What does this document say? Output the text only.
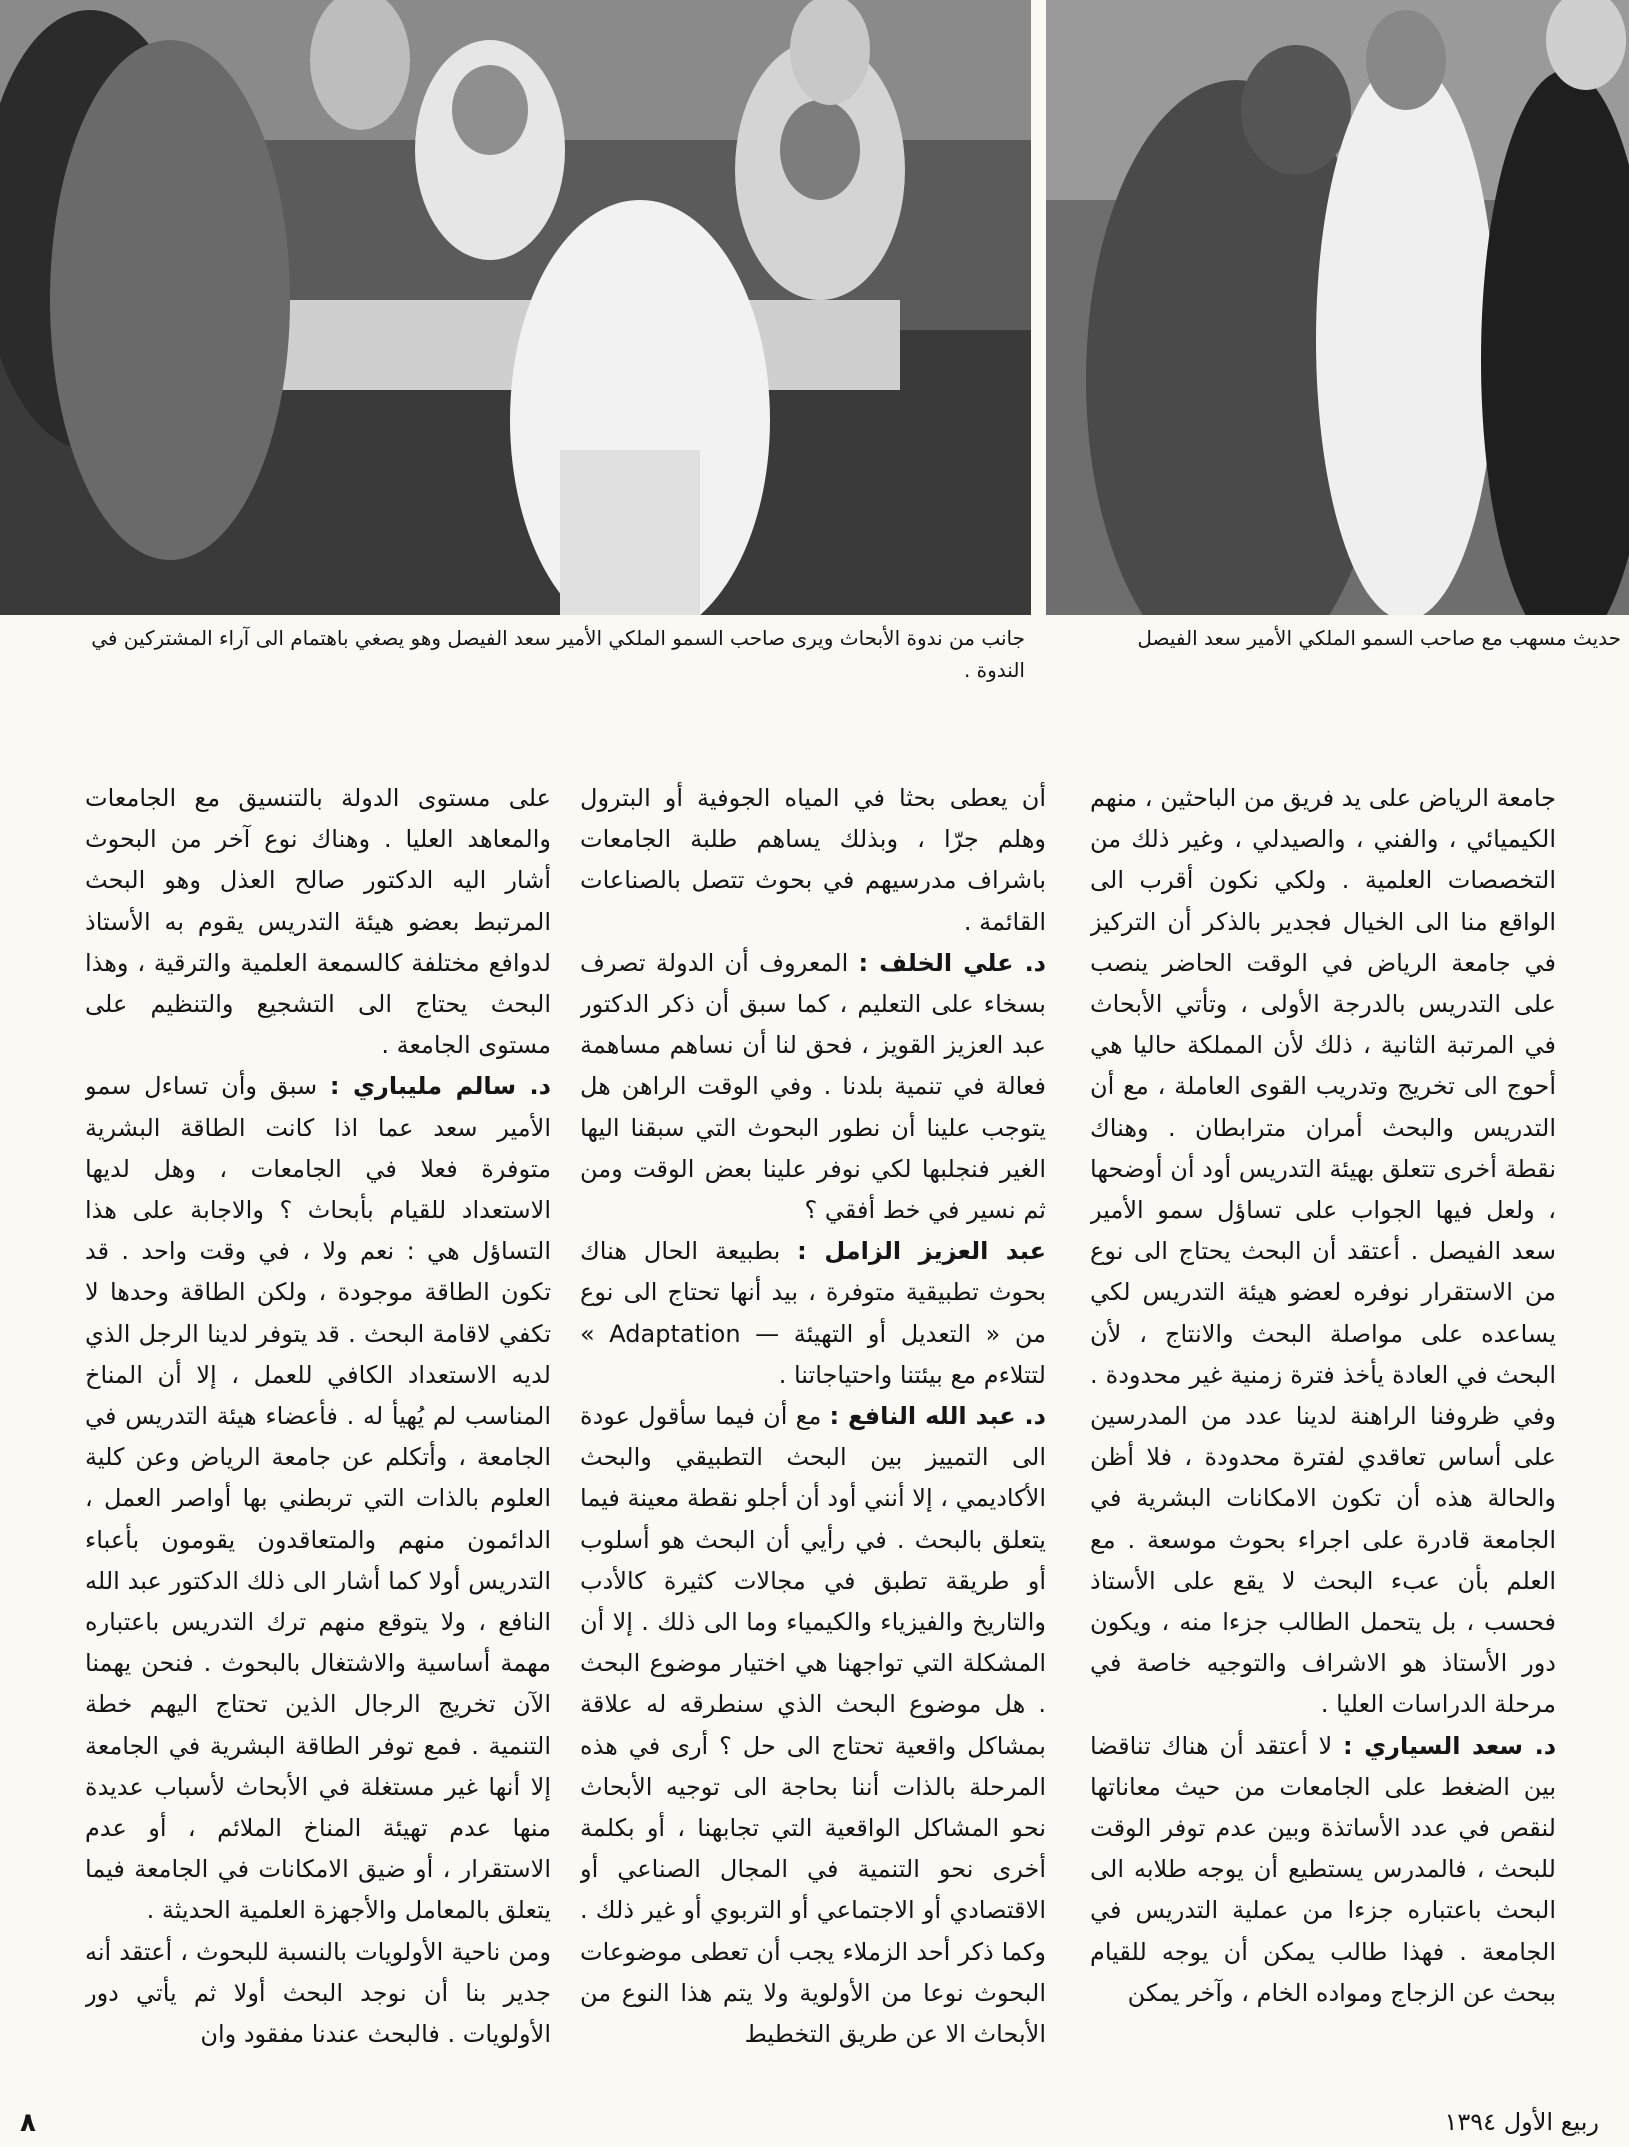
جانب من ندوة الأبحاث ويرى صاحب السمو الملكي الأمير سعد الفيصل وهو يصغي باهتمام الى آراء المشتركين في الندوة .
حديث مسهب مع صاحب السمو الملكي الأمير سعد الفيصل

جامعة الرياض على يد فريق من الباحثين ، منهم الكيميائي ، والفني ، والصيدلي ، وغير ذلك من التخصصات العلمية . ولكي نكون أقرب الى الواقع منا الى الخيال فجدير بالذكر أن التركيز في جامعة الرياض في الوقت الحاضر ينصب على التدريس بالدرجة الأولى ، وتأتي الأبحاث في المرتبة الثانية ، ذلك لأن المملكة حاليا هي أحوج الى تخريج وتدريب القوى العاملة ، مع أن التدريس والبحث أمران مترابطان . وهناك نقطة أخرى تتعلق بهيئة التدريس أود أن أوضحها ، ولعل فيها الجواب على تساؤل سمو الأمير سعد الفيصل . أعتقد أن البحث يحتاج الى نوع من الاستقرار نوفره لعضو هيئة التدريس لكي يساعده على مواصلة البحث والانتاج ، لأن البحث في العادة يأخذ فترة زمنية غير محدودة . وفي ظروفنا الراهنة لدينا عدد من المدرسين على أساس تعاقدي لفترة محدودة ، فلا أظن والحالة هذه أن تكون الامكانات البشرية في الجامعة قادرة على اجراء بحوث موسعة . مع العلم بأن عبء البحث لا يقع على الأستاذ فحسب ، بل يتحمل الطالب جزءا منه ، ويكون دور الأستاذ هو الاشراف والتوجيه خاصة في مرحلة الدراسات العليا .

د. سعد السياري : لا أعتقد أن هناك تناقضا بين الضغط على الجامعات من حيث معاناتها لنقص في عدد الأساتذة وبين عدم توفر الوقت للبحث ، فالمدرس يستطيع أن يوجه طلابه الى البحث باعتباره جزءا من عملية التدريس في الجامعة . فهذا طالب يمكن أن يوجه للقيام ببحث عن الزجاج ومواده الخام ، وآخر يمكن

أن يعطى بحثا في المياه الجوفية أو البترول وهلم جرّا ، وبذلك يساهم طلبة الجامعات باشراف مدرسيهم في بحوث تتصل بالصناعات القائمة .

د. علي الخلف : المعروف أن الدولة تصرف بسخاء على التعليم ، كما سبق أن ذكر الدكتور عبد العزيز القويز ، فحق لنا أن نساهم مساهمة فعالة في تنمية بلدنا . وفي الوقت الراهن هل يتوجب علينا أن نطور البحوث التي سبقنا اليها الغير فنجلبها لكي نوفر علينا بعض الوقت ومن ثم نسير في خط أفقي ؟

عبد العزيز الزامل : بطبيعة الحال هناك بحوث تطبيقية متوفرة ، بيد أنها تحتاج الى نوع من « التعديل أو التهيئة — Adaptation » لتتلاءم مع بيئتنا واحتياجاتنا .

د. عبد الله النافع : مع أن فيما سأقول عودة الى التمييز بين البحث التطبيقي والبحث الأكاديمي ، إلا أنني أود أن أجلو نقطة معينة فيما يتعلق بالبحث . في رأيي أن البحث هو أسلوب أو طريقة تطبق في مجالات كثيرة كالأدب والتاريخ والفيزياء والكيمياء وما الى ذلك . إلا أن المشكلة التي تواجهنا هي اختيار موضوع البحث . هل موضوع البحث الذي سنطرقه له علاقة بمشاكل واقعية تحتاج الى حل ؟ أرى في هذه المرحلة بالذات أننا بحاجة الى توجيه الأبحاث نحو المشاكل الواقعية التي تجابهنا ، أو بكلمة أخرى نحو التنمية في المجال الصناعي أو الاقتصادي أو الاجتماعي أو التربوي أو غير ذلك . وكما ذكر أحد الزملاء يجب أن تعطى موضوعات البحوث نوعا من الأولوية ولا يتم هذا النوع من الأبحاث الا عن طريق التخطيط

على مستوى الدولة بالتنسيق مع الجامعات والمعاهد العليا . وهناك نوع آخر من البحوث أشار اليه الدكتور صالح العذل وهو البحث المرتبط بعضو هيئة التدريس يقوم به الأستاذ لدوافع مختلفة كالسمعة العلمية والترقية ، وهذا البحث يحتاج الى التشجيع والتنظيم على مستوى الجامعة .

د. سالم مليباري : سبق وأن تساءل سمو الأمير سعد عما اذا كانت الطاقة البشرية متوفرة فعلا في الجامعات ، وهل لديها الاستعداد للقيام بأبحاث ؟ والاجابة على هذا التساؤل هي : نعم ولا ، في وقت واحد . قد تكون الطاقة موجودة ، ولكن الطاقة وحدها لا تكفي لاقامة البحث . قد يتوفر لدينا الرجل الذي لديه الاستعداد الكافي للعمل ، إلا أن المناخ المناسب لم يُهيأ له . فأعضاء هيئة التدريس في الجامعة ، وأتكلم عن جامعة الرياض وعن كلية العلوم بالذات التي تربطني بها أواصر العمل ، الدائمون منهم والمتعاقدون يقومون بأعباء التدريس أولا كما أشار الى ذلك الدكتور عبد الله النافع ، ولا يتوقع منهم ترك التدريس باعتباره مهمة أساسية والاشتغال بالبحوث . فنحن يهمنا الآن تخريج الرجال الذين تحتاج اليهم خطة التنمية . فمع توفر الطاقة البشرية في الجامعة إلا أنها غير مستغلة في الأبحاث لأسباب عديدة منها عدم تهيئة المناخ الملائم ، أو عدم الاستقرار ، أو ضيق الامكانات في الجامعة فيما يتعلق بالمعامل والأجهزة العلمية الحديثة .

ومن ناحية الأولويات بالنسبة للبحوث ، أعتقد أنه جدير بنا أن نوجد البحث أولا ثم يأتي دور الأولويات . فالبحث عندنا مفقود وان

٨	ربيع الأول ١٣٩٤
